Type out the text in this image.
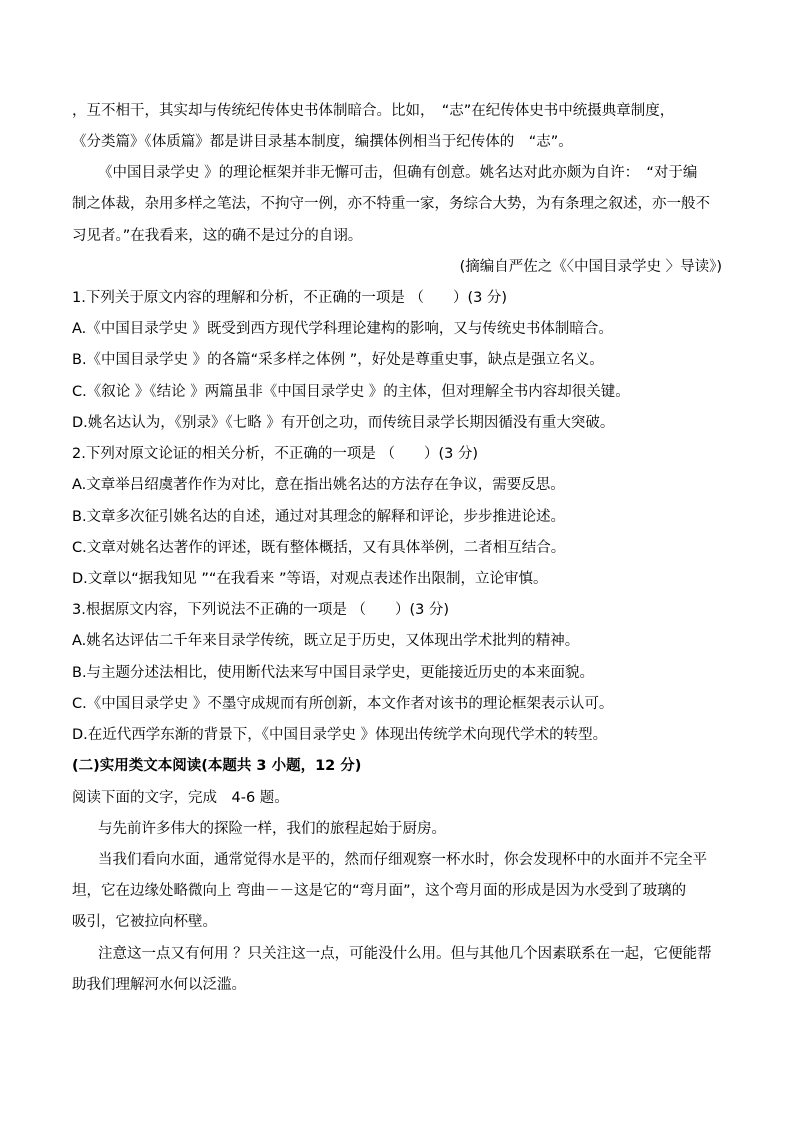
，互不相干，其实却与传统纪传体史书体制暗合。比如，　“志”在纪传体史书中统摄典章制度，
《分类篇》《体质篇》都是讲目录基本制度，编撰体例相当于纪传体的　“志”。
《中国目录学史 》的理论框架并非无懈可击，但确有创意。姚名达对此亦颇为自许：　“对于编
制之体裁，杂用多样之笔法，不拘守一例，亦不特重一家，务综合大势，为有条理之叙述，亦一般不
习见者。”在我看来，这的确不是过分的自诩。
(摘编自严佐之《〈中国目录学史 〉导读》)
1.下列关于原文内容的理解和分析，不正确的一项是 （　　）(3 分)
A.《中国目录学史 》既受到西方现代学科理论建构的影响，又与传统史书体制暗合。
B.《中国目录学史 》的各篇“采多样之体例 ”，好处是尊重史事，缺点是强立名义。
C.《叙论 》《结论 》两篇虽非《中国目录学史 》的主体，但对理解全书内容却很关键。
D.姚名达认为，《别录》《七略 》有开创之功，而传统目录学长期因循没有重大突破。
2.下列对原文论证的相关分析，不正确的一项是 （　　）(3 分)
A.文章举吕绍虞著作作为对比，意在指出姚名达的方法存在争议，需要反思。
B.文章多次征引姚名达的自述，通过对其理念的解释和评论，步步推进论述。
C.文章对姚名达著作的评述，既有整体概括，又有具体举例，二者相互结合。
D.文章以“据我知见 ”“在我看来 ”等语，对观点表述作出限制，立论审慎。
3.根据原文内容，下列说法不正确的一项是 （　　）(3 分)
A.姚名达评估二千年来目录学传统，既立足于历史，又体现出学术批判的精神。
B.与主题分述法相比，使用断代法来写中国目录学史，更能接近历史的本来面貌。
C.《中国目录学史 》不墨守成规而有所创新，本文作者对该书的理论框架表示认可。
D.在近代西学东渐的背景下，《中国目录学史 》体现出传统学术向现代学术的转型。
(二)实用类文本阅读(本题共 3 小题，12 分)
阅读下面的文字，完成　4-6 题。
与先前许多伟大的探险一样，我们的旅程起始于厨房。
当我们看向水面，通常觉得水是平的，然而仔细观察一杯水时，你会发现杯中的水面并不完全平
坦，它在边缘处略微向上 弯曲－－这是它的“弯月面”，这个弯月面的形成是因为水受到了玻璃的
吸引，它被拉向杯壁。
注意这一点又有何用 ？只关注这一点，可能没什么用。但与其他几个因素联系在一起，它便能帮
助我们理解河水何以泛滥。
